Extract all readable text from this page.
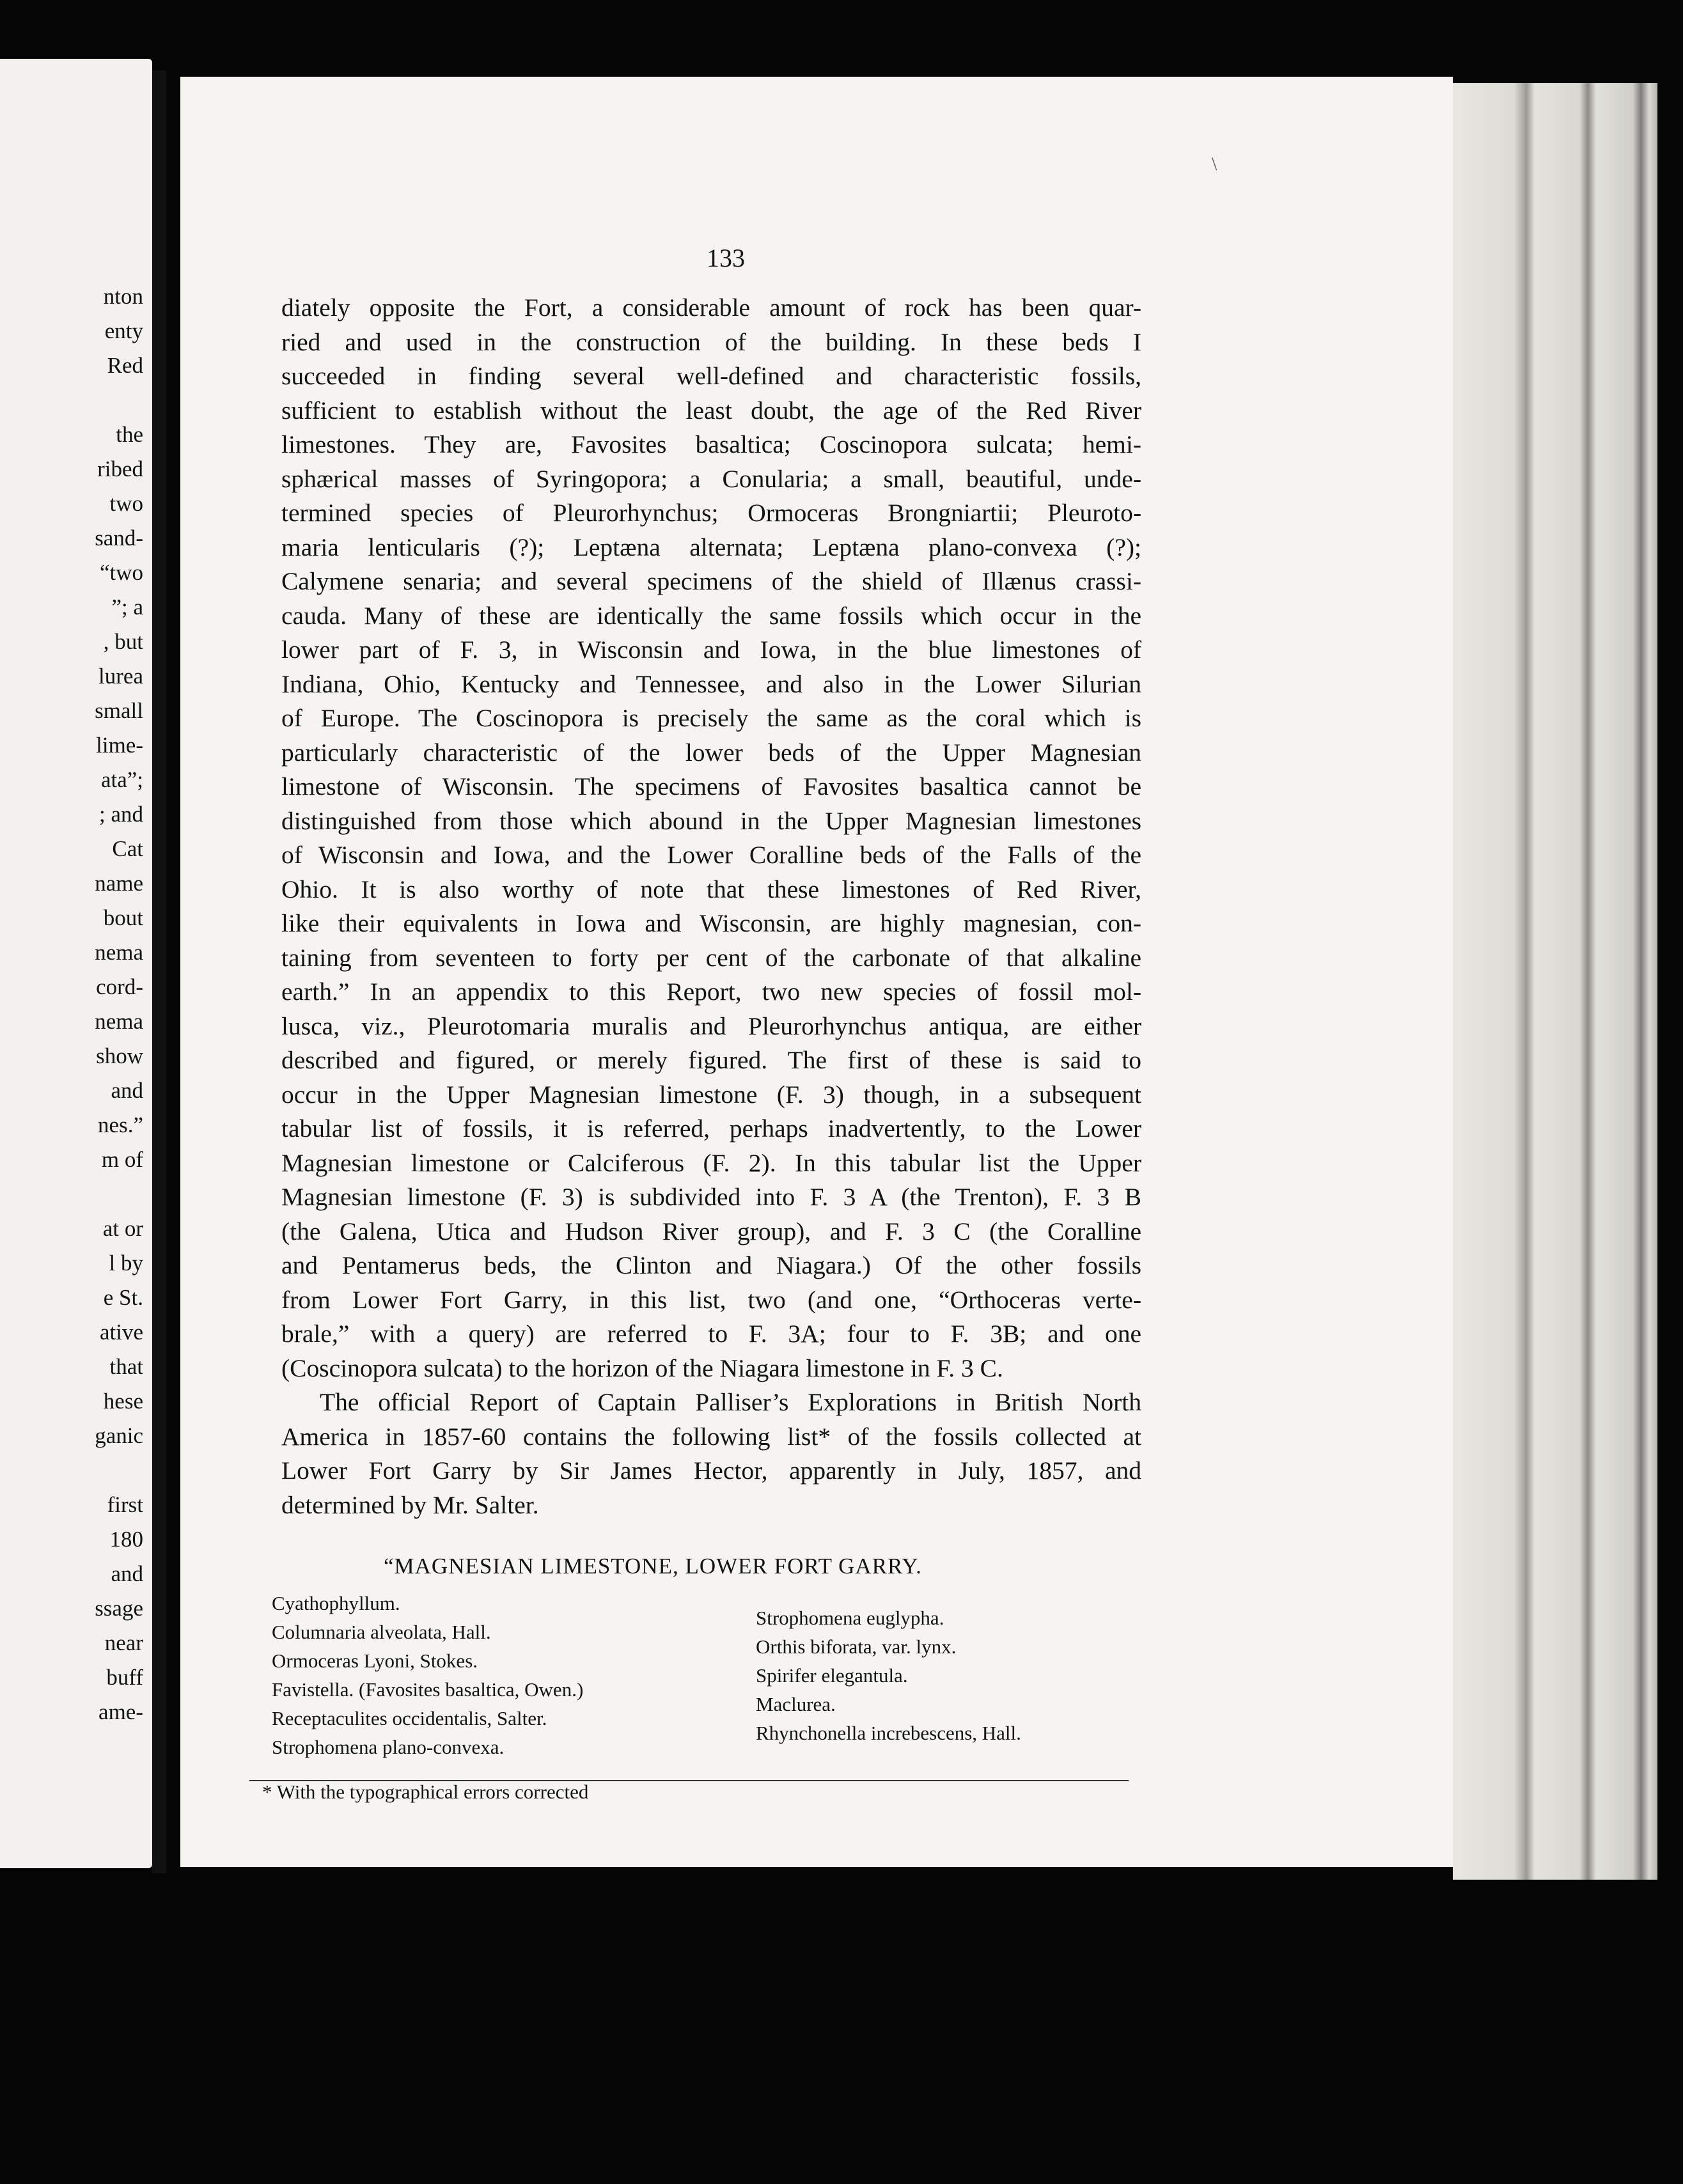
nton
enty
Red
the
ribed
two
sand-
“two
”; a
, but
lurea
small
lime-
ata”;
; and
Cat
name
bout
nema
cord-
nema
show
and
nes.”
m of
at or
l by
e St.
ative
that
hese
ganic
first
180
and
ssage
near
buff
ame-
133
\
diately opposite the Fort, a considerable amount of rock has been quar-
ried and used in the construction of the building. In these beds I
succeeded in finding several well-defined and characteristic fossils,
sufficient to establish without the least doubt, the age of the Red River
limestones. They are, Favosites basaltica; Coscinopora sulcata; hemi-
sphærical masses of Syringopora; a Conularia; a small, beautiful, unde-
termined species of Pleurorhynchus; Ormoceras Brongniartii; Pleuroto-
maria lenticularis (?); Leptæna alternata; Leptæna plano-convexa (?);
Calymene senaria; and several specimens of the shield of Illænus crassi-
cauda. Many of these are identically the same fossils which occur in the
lower part of F. 3, in Wisconsin and Iowa, in the blue limestones of
Indiana, Ohio, Kentucky and Tennessee, and also in the Lower Silurian
of Europe. The Coscinopora is precisely the same as the coral which is
particularly characteristic of the lower beds of the Upper Magnesian
limestone of Wisconsin. The specimens of Favosites basaltica cannot be
distinguished from those which abound in the Upper Magnesian limestones
of Wisconsin and Iowa, and the Lower Coralline beds of the Falls of the
Ohio. It is also worthy of note that these limestones of Red River,
like their equivalents in Iowa and Wisconsin, are highly magnesian, con-
taining from seventeen to forty per cent of the carbonate of that alkaline
earth.” In an appendix to this Report, two new species of fossil mol-
lusca, viz., Pleurotomaria muralis and Pleurorhynchus antiqua, are either
described and figured, or merely figured. The first of these is said to
occur in the Upper Magnesian limestone (F. 3) though, in a subsequent
tabular list of fossils, it is referred, perhaps inadvertently, to the Lower
Magnesian limestone or Calciferous (F. 2). In this tabular list the Upper
Magnesian limestone (F. 3) is subdivided into F. 3 A (the Trenton), F. 3 B
(the Galena, Utica and Hudson River group), and F. 3 C (the Coralline
and Pentamerus beds, the Clinton and Niagara.) Of the other fossils
from Lower Fort Garry, in this list, two (and one, “Orthoceras verte-
brale,” with a query) are referred to F. 3A; four to F. 3B; and one
(Coscinopora sulcata) to the horizon of the Niagara limestone in F. 3 C.
The official Report of Captain Palliser’s Explorations in British North
America in 1857-60 contains the following list* of the fossils collected at
Lower Fort Garry by Sir James Hector, apparently in July, 1857, and
determined by Mr. Salter.
“MAGNESIAN LIMESTONE, LOWER FORT GARRY.
Cyathophyllum.
Columnaria alveolata, Hall.
Ormoceras Lyoni, Stokes.
Favistella. (Favosites basaltica, Owen.)
Receptaculites occidentalis, Salter.
Strophomena plano-convexa.
Strophomena euglypha.
Orthis biforata, var. lynx.
Spirifer elegantula.
Maclurea.
Rhynchonella increbescens, Hall.
* With the typographical errors corrected
